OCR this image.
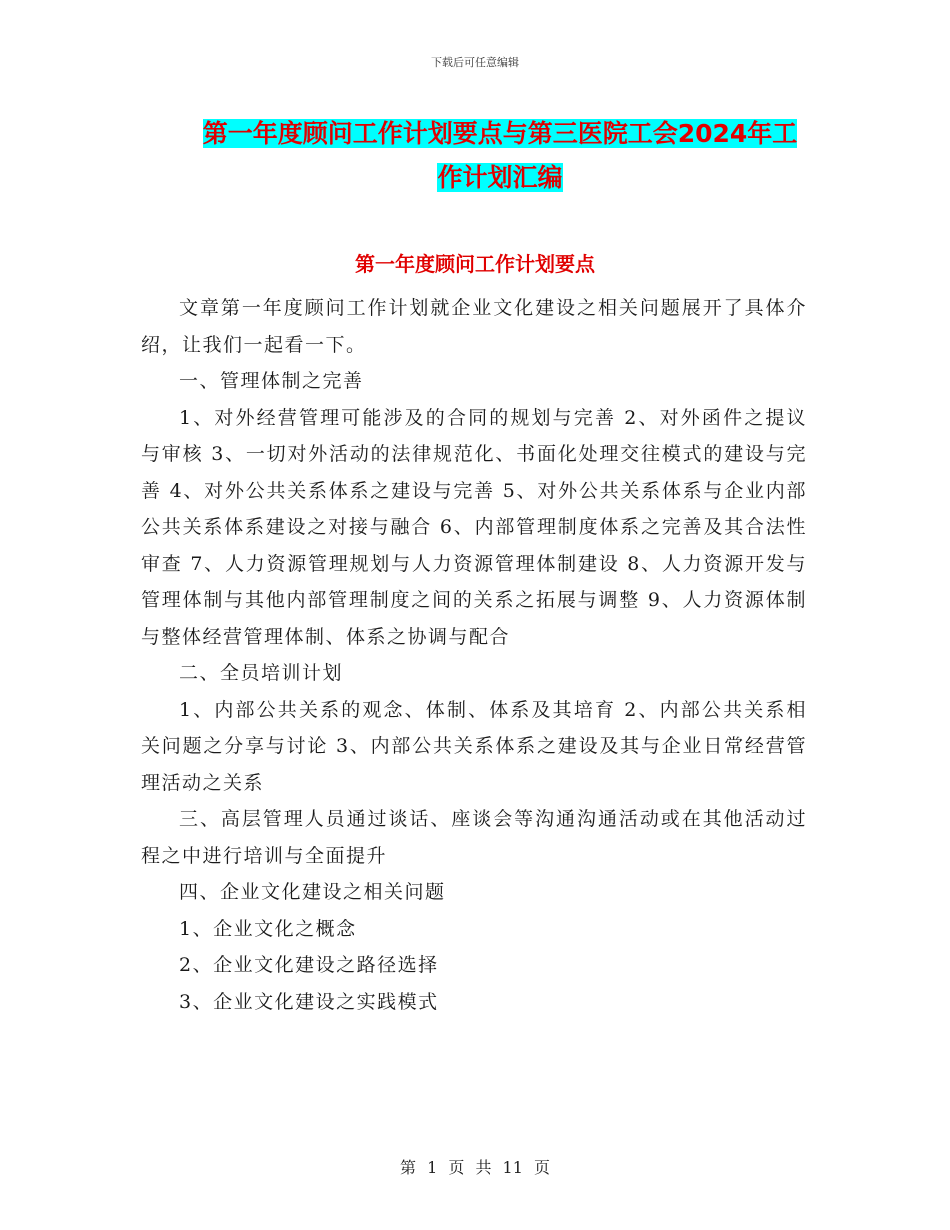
下载后可任意编辑
第一年度顾问工作计划要点与第三医院工会2024年工
作计划汇编
第一年度顾问工作计划要点

文章第一年度顾问工作计划就企业文化建设之相关问题展开了具体介绍，让我们一起看一下。

一、管理体制之完善

1、对外经营管理可能涉及的合同的规划与完善 2、对外函件之提议与审核 3、一切对外活动的法律规范化、书面化处理交往模式的建设与完善 4、对外公共关系体系之建设与完善 5、对外公共关系体系与企业内部公共关系体系建设之对接与融合 6、内部管理制度体系之完善及其合法性审查 7、人力资源管理规划与人力资源管理体制建设 8、人力资源开发与管理体制与其他内部管理制度之间的关系之拓展与调整 9、人力资源体制与整体经营管理体制、体系之协调与配合

二、全员培训计划

1、内部公共关系的观念、体制、体系及其培育 2、内部公共关系相关问题之分享与讨论 3、内部公共关系体系之建设及其与企业日常经营管理活动之关系

三、高层管理人员通过谈话、座谈会等沟通沟通活动或在其他活动过程之中进行培训与全面提升

四、企业文化建设之相关问题

1、企业文化之概念

2、企业文化建设之路径选择

3、企业文化建设之实践模式

第 1 页 共 11 页
